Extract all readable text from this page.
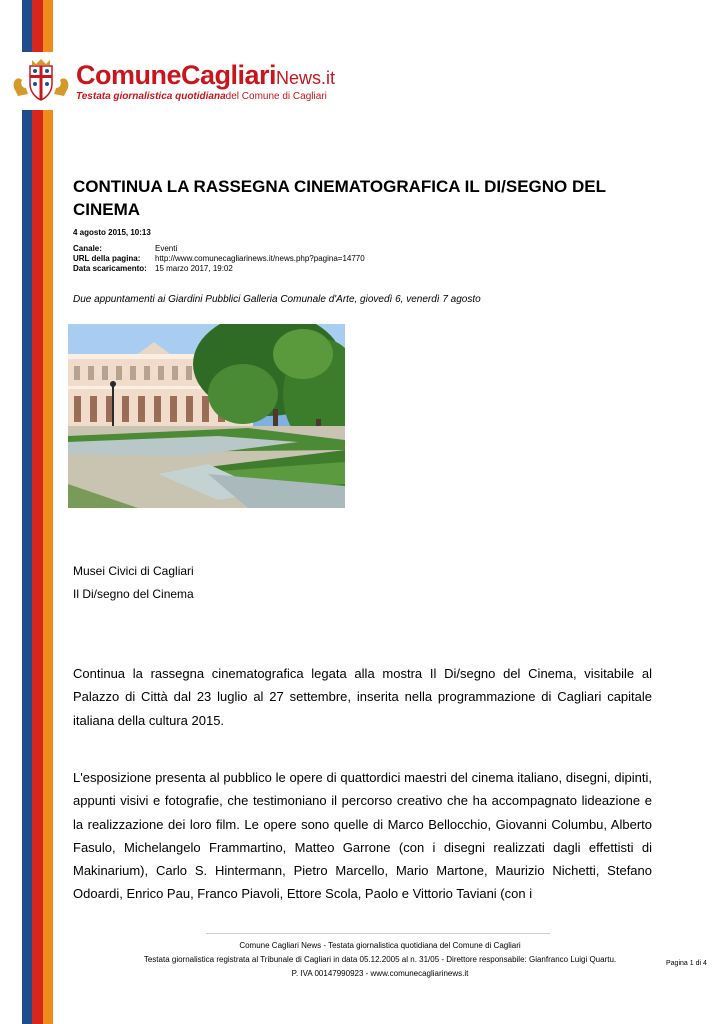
ComuneCagliariNews.it
Testata giornalistica quotidianadel Comune di Cagliari
CONTINUA LA RASSEGNA CINEMATOGRAFICA IL DI/SEGNO DEL CINEMA
4 agosto 2015, 10:13
Canale:	Eventi
URL della pagina:	http://www.comunecagliarinews.it/news.php?pagina=14770
Data scaricamento:	15 marzo 2017, 19:02
Due appuntamenti ai Giardini Pubblici Galleria Comunale d'Arte, giovedì 6, venerdì 7 agosto
Musei Civici di Cagliari
Il Di/segno del Cinema

Continua la rassegna cinematografica legata alla mostra Il Di/segno del Cinema, visitabile al Palazzo di Città dal 23 luglio al 27 settembre, inserita nella programmazione di Cagliari capitale italiana della cultura 2015.

L'esposizione presenta al pubblico le opere di quattordici maestri del cinema italiano, disegni, dipinti, appunti visivi e fotografie, che testimoniano il percorso creativo che ha accompagnato lideazione e la realizzazione dei loro film. Le opere sono quelle di Marco Bellocchio, Giovanni Columbu, Alberto Fasulo, Michelangelo Frammartino, Matteo Garrone (con i disegni realizzati dagli effettisti di Makinarium), Carlo S. Hintermann, Pietro Marcello, Mario Martone, Maurizio Nichetti, Stefano Odoardi, Enrico Pau, Franco Piavoli, Ettore Scola, Paolo e Vittorio Taviani (con i

Comune Cagliari News - Testata giornalistica quotidiana del Comune di Cagliari
Testata giornalistica registrata al Tribunale di Cagliari in data 05.12.2005 al n. 31/05 - Direttore responsabile: Gianfranco Luigi Quartu.
P. IVA 00147990923 - www.comunecagliarinews.it
Pagina 1 di 4
